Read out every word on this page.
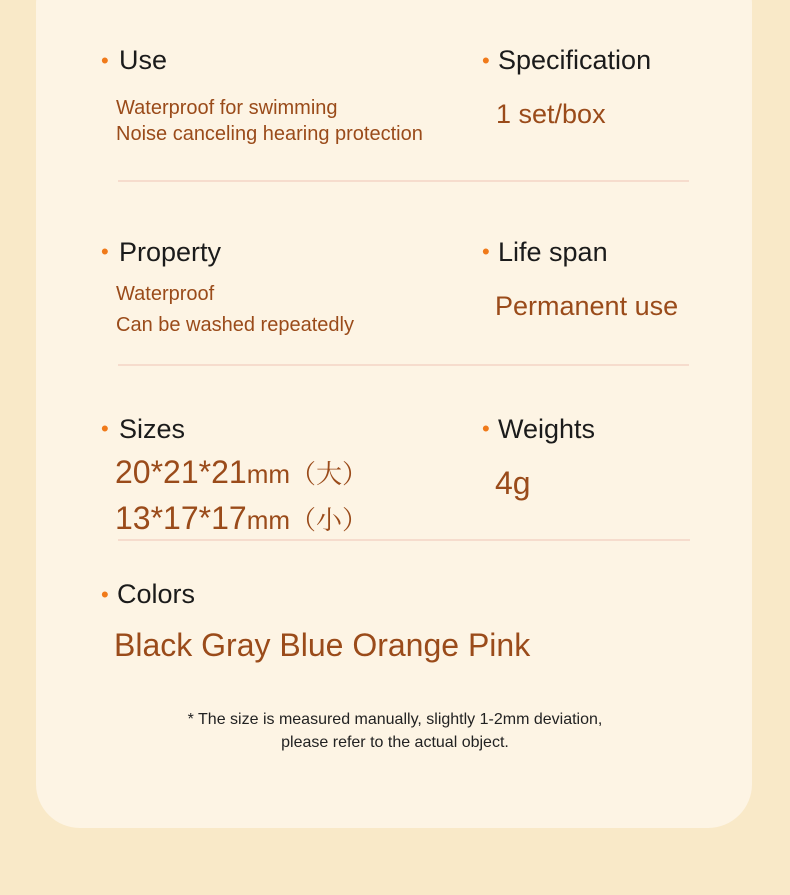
• Use
Waterproof for swimming
Noise canceling hearing protection
• Specification
1 set/box
• Property
Waterproof
Can be washed repeatedly
• Life span
Permanent use
• Sizes
20*21*21mm（大）
13*17*17mm（小）
• Weights
4g
• Colors
Black Gray Blue Orange Pink
* The size is measured manually, slightly 1-2mm deviation,
please refer to the actual object.
